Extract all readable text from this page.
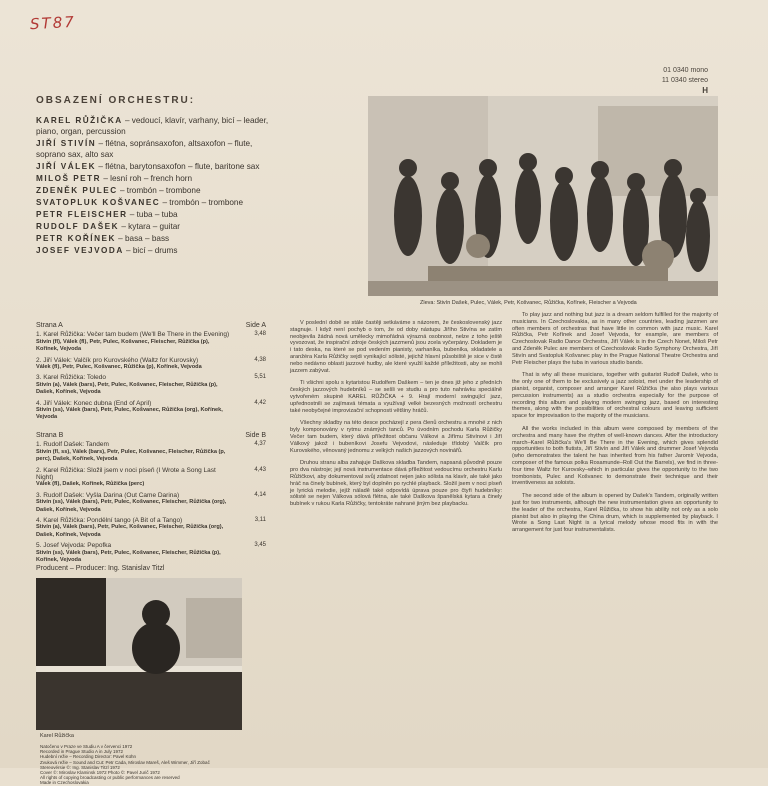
ST87
01 0340 mono
11 0340 stereo
H
OBSAZENÍ ORCHESTRU:
KAREL RŮŽIČKA – vedoucí, klavír, varhany, bicí – leader, piano, organ, percussion
JIŘÍ STIVÍN – flétna, sopránsaxofon, altsaxofon – flute, soprano sax, alto sax
JIŘÍ VÁLEK – flétna, barytonsaxofon – flute, baritone sax
MILOŠ PETR – lesní roh – french horn
ZDENĚK PULEC – trombón – trombone
SVATOPLUK KOŠVANEC – trombón – trombone
PETR FLEISCHER – tuba – tuba
RUDOLF DAŠEK – kytara – guitar
PETR KOŘÍNEK – basa – bass
JOSEF VEJVODA – bicí – drums
Strana A	Side A
1. Karel Růžička: Večer tam budem (We'll Be There in the Evening)
Stivín (fl), Válek (fl), Petr, Pulec, Košvanec, Fleischer, Růžička (p), Kořínek, Vejvoda
3,48
2. Jiří Válek: Valčík pro Kurovského (Waltz for Kurovsky)
Válek (fl), Petr, Pulec, Košvanec, Růžička (p), Kořínek, Vejvoda
4,38
3. Karel Růžička: Toledo
Stivín (a), Válek (bars), Petr, Pulec, Košvanec, Fleischer, Růžička (p), Dašek, Kořínek, Vejvoda
5,51
4. Jiří Válek: Konec dubna (End of April)
Stivín (ss), Válek (bars), Petr, Pulec, Košvanec, Růžička (org), Kořínek, Vejvoda
4,42
Strana B	Side B
1. Rudolf Dašek: Tandem
Stivín (fl, ss), Válek (bars), Petr, Pulec, Košvanec, Fleischer, Růžička (p, perc), Dašek, Kořínek, Vejvoda
4,37
2. Karel Růžička: Složil jsem v noci píseň (I Wrote a Song Last Night)
Válek (fl), Dašek, Kořínek, Růžička (perc)
4,43
3. Rudolf Dašek: Vyšla Darina (Out Came Darina)
Stivín (ss), Válek (bars), Petr, Pulec, Košvanec, Fleischer, Růžička (org), Dašek, Kořínek, Vejvoda
4,14
4. Karel Růžička: Pondělní tango (A Bit of a Tango)
Stivín (a), Válek (bars), Petr, Pulec, Košvanec, Fleischer, Růžička (org), Dašek, Kořínek, Vejvoda
3,11
5. Josef Vejvoda: Pepofka
Stivín (ss), Válek (bars), Petr, Pulec, Košvanec, Fleischer, Růžička (p), Kořínek, Vejvoda
3,45
Producent – Producer: Ing. Stanislav Titzl
Zleva: Stivín Dašek, Pulec, Válek, Petr, Košvanec, Růžička, Kořínek, Fleischer a Vejvoda
Karel Růžička
Natočeno v Praze ve Studiu A v červenci 1972
Recorded in Prague Studio A in July 1972
Hudební režie – Recording Director: Pavel Kühn
Zvuková režie – Sound and Cut: Petr Cada, Miroslav Mareš, Aleš Wimmer, Jiří Zobač
Stereovérsie ©: Ing. Stanislav Titzl 1972
Cover ©: Miroslav Klaminsk 1972 Photo ©: Pavel Jurič 1972
All rights of copying broadcasting or public performances are reserved
Made in Czechoslovakia

V poslední době se stále častěji setkáváme s názorem, že československý jazz stagnuje. I když není pochyb o tom, že od doby nástupu Jiřího Stivína se zatím neobjevila žádná nová umělecky mimořádná výrazná osobnost, nelze z toho ještě vyvozovat, že inspirační zdroje českých jazzmenů jsou zcela vyčerpány. Dokladem je i tato deska, na které se pod vedením pianisty, varhaníka, bubeníka, skladatele a aranžéra Karla Růžičky sejdi vynikající sólisté, jejichž hlavní působiště je sice v čistě nebo nedávno oblasti jazzové hudby, ale které využil každé příležitosti, aby se mohli jazzem zabývat.

Ti všichni spolu s kytaristou Rudolfem Daškem – ten je dnes již jeho z předních českých jazzových hudebníků – se sešli ve studiu a pro tuto nahrávku speciálně vytvořeném skupině KAREL RŮŽIČKA + 9. Hrají moderní swingující jazz, upřednostnili se zajímavá témata a využívají velké bezesných možností orchestru také neobyčejné improvizační schopnosti většiny hráčů.

Všechny skladby na této desce pocházejí z pera členů orchestru a mnohé z nich byly komponovány v rytmu známých tanců. Po úvodním pochodu Karla Růžičky Večer tam budem, který dává příležitost občanu Válkovi a Jiřímu Stivínovi i Jiří Válkový jakož i bubeníkovi Josefu Vejvodovi, následuje třídobý Valčík pro Kurovského, věnovaný jednomu z velkých našich jazzových novinářů.

Druhou stranu alba zahajuje Daškova skladba Tandem, napsaná původně pouze pro dva nástroje; její nová instrumentace dává příležitost vedoucímu orchestru Karlu Růžičkovi, aby dokumentoval svůj zdatnost nejen jako sólista na klavír, ale také jako hráč na činely bubínek, který byl doplněn po rychlé playback. Složil jsem v noci píseň je lyrická melodie, jejíž náladě také odpovídá úprava pouze pro čtyři hudebníky: sólisté se nejen Válkova sólová flétna, ale také Daškova španělská kytara a činely bubínek v rukou Karla Růžičky, tentokráte nahrané jiným bez playbacku.

To play jazz and nothing but jazz is a dream seldom fulfilled for the majority of musicians. In Czechoslovakia, as in many other countries, leading jazzmen are often members of orchestras that have little in common with jazz music. Karel Růžička, Petr Kořínek and Josef Vejvoda, for example, are members of Czechoslovak Radio Dance Orchestra, Jiří Válek is in the Czech Nonet, Miloš Petr and Zdeněk Pulec are members of Czechoslovak Radio Symphony Orchestra, Jiří Stivín and Svatopluk Košvanec play in the Prague National Theatre Orchestra and Petr Fleischer plays the tuba in various studio bands.

That is why all these musicians, together with guitarist Rudolf Dašek, who is the only one of them to be exclusively a jazz soloist, met under the leadership of pianist, organist, composer and arranger Karel Růžička (he also plays various percussion instruments) as a studio orchestra especially for the purpose of recording this album and playing modern swinging jazz, based on interesting themes, along with the possibilities of orchestral colours and leaving sufficient space for improvisation to the majority of the musicians.

All the works included in this album were composed by members of the orchestra and many have the rhythm of well-known dances. After the introductory march–Karel Růžička's We'll Be There in the Evening, which gives splendid opportunities to both flutists, Jiří Stivín and Jiří Válek and drummer Josef Vejvoda (who demonstrates the talent he has inherited from his father Jaromír Vejvoda, composer of the famous polka Rosamunde–Roll Out the Barrels), we find in three-four time Waltz for Kurovsky–which in particular gives the opportunity to the two trombonists, Pulec and Košvanec to demonstrate their technique and their inventiveness as soloists.

The second side of the album is opened by Dašek's Tandem, originally written just for two instruments, although the new instrumentation gives an opportunity to the leader of the orchestra, Karel Růžička, to show his ability not only as a solo pianist but also in playing the China drum, which is supplemented by playback. I Wrote a Song Last Night is a lyrical melody whose mood fits in with the arrangement for just four instrumentalists.
